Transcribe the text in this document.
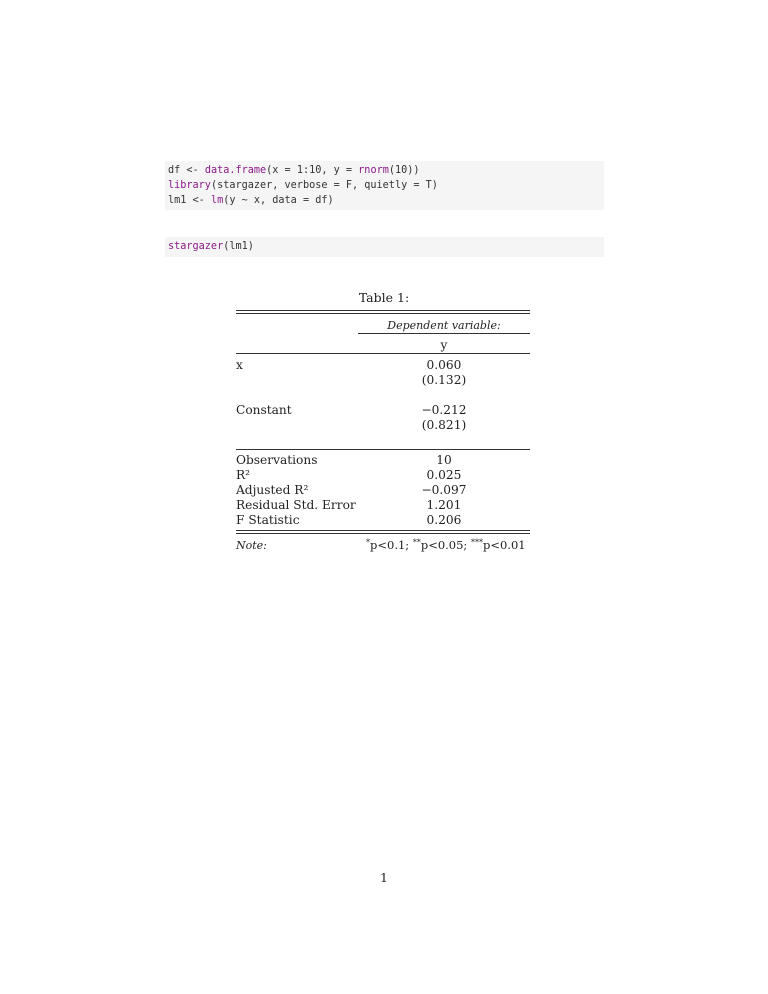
df <- data.frame(x = 1:10, y = rnorm(10))
library(stargazer, verbose = F, quietly = T)
lm1 <- lm(y ~ x, data = df)
stargazer(lm1)
Table 1:
Dependent variable:
y
x	0.060
(0.132)
Constant	−0.212
(0.821)
Observations	10
R²	0.025
Adjusted R²	−0.097
Residual Std. Error	1.201
F Statistic	0.206
Note:	*p<0.1; **p<0.05; ***p<0.01
1
